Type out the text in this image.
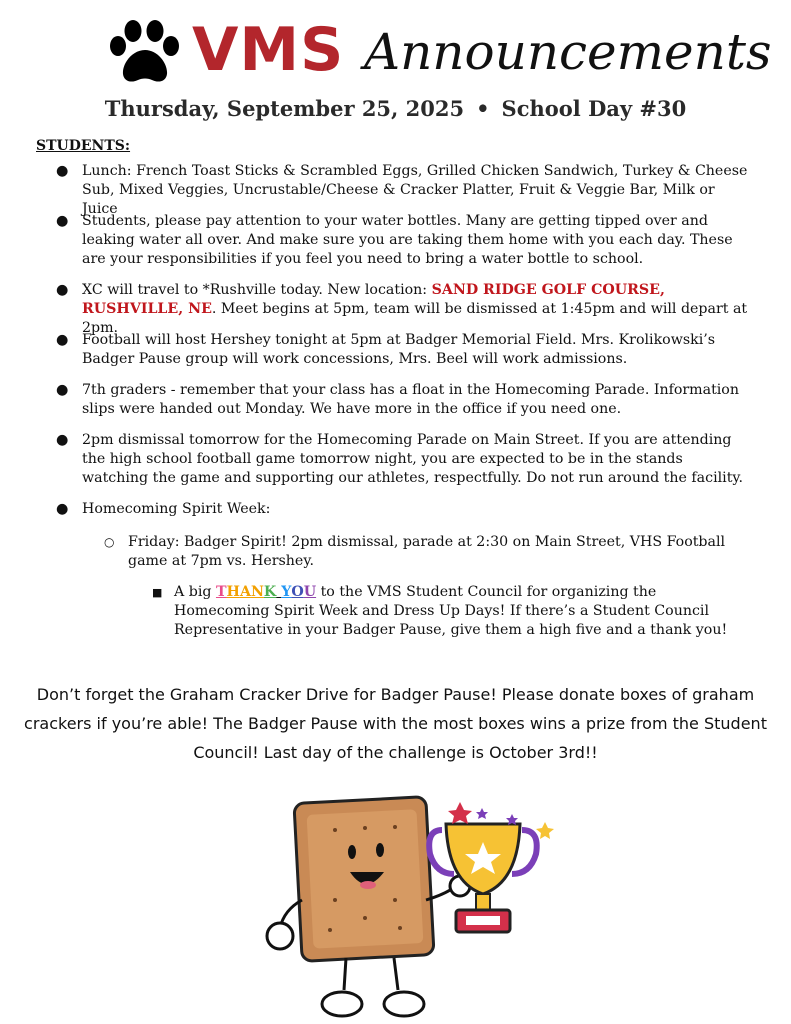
VMS Announcements
Thursday, September 25, 2025 • School Day #30
STUDENTS:
● Lunch: French Toast Sticks & Scrambled Eggs, Grilled Chicken Sandwich, Turkey & Cheese Sub, Mixed Veggies, Uncrustable/Cheese & Cracker Platter, Fruit & Veggie Bar, Milk or Juice
● Students, please pay attention to your water bottles. Many are getting tipped over and leaking water all over. And make sure you are taking them home with you each day. These are your responsibilities if you feel you need to bring a water bottle to school.
● XC will travel to *Rushville today. New location: SAND RIDGE GOLF COURSE, RUSHVILLE, NE. Meet begins at 5pm, team will be dismissed at 1:45pm and will depart at 2pm.
● Football will host Hershey tonight at 5pm at Badger Memorial Field. Mrs. Krolikowski’s Badger Pause group will work concessions, Mrs. Beel will work admissions.
● 7th graders - remember that your class has a float in the Homecoming Parade. Information slips were handed out Monday. We have more in the office if you need one.
● 2pm dismissal tomorrow for the Homecoming Parade on Main Street. If you are attending the high school football game tomorrow night, you are expected to be in the stands watching the game and supporting our athletes, respectfully. Do not run around the facility.
● Homecoming Spirit Week:
○ Friday: Badger Spirit! 2pm dismissal, parade at 2:30 on Main Street, VHS Football game at 7pm vs. Hershey.
■ A big THANK YOU to the VMS Student Council for organizing the Homecoming Spirit Week and Dress Up Days! If there’s a Student Council Representative in your Badger Pause, give them a high five and a thank you!
Don’t forget the Graham Cracker Drive for Badger Pause! Please donate boxes of graham crackers if you’re able! The Badger Pause with the most boxes wins a prize from the Student Council! Last day of the challenge is October 3rd!!
